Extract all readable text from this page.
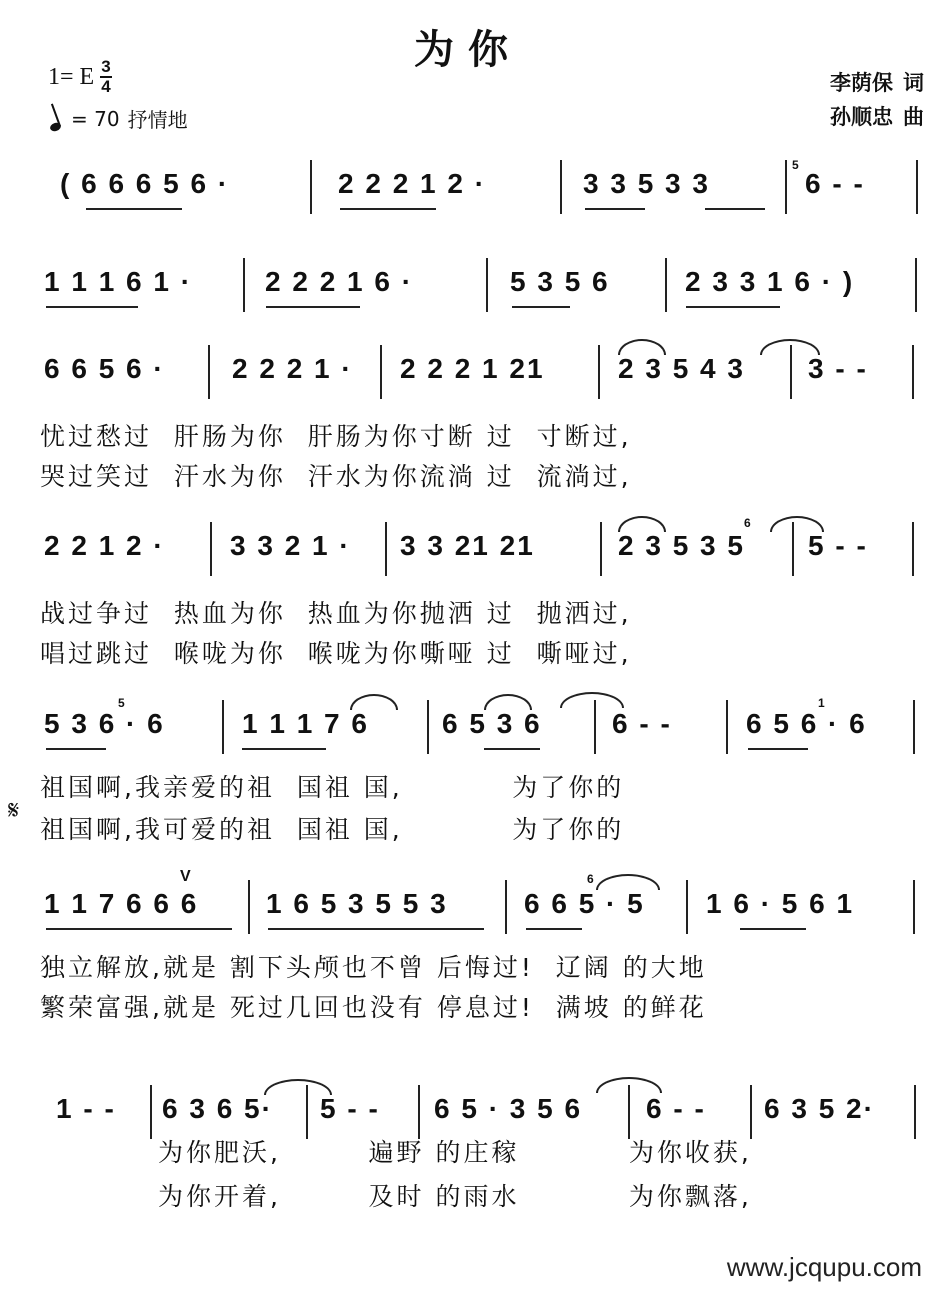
为你
1= E $\frac{3}{4}$
= 70 抒情地
李荫保 词
孙顺忠 曲
( 6 6 6 5 6 ·	2 2 2 1 2 ·	3 3 5 3 3
5
6 - -
1 1 1 6 1 ·	2 2 2 1 6 ·	5 3 5 6	2 3 3 1 6 · )
6 6 5 6 · 2 2 2 1 · 2 2 2 1 21	2 3 5 4 3 3 - -
忧过愁过  肝肠为你  肝肠为你寸断 过  寸断过,
哭过笑过  汗水为你  汗水为你流淌 过  流淌过,
2 2 1 2 · 3 3 2 1 · 3 3 21 21
6
2 3 5 3 5 5 - -
战过争过  热血为你  热血为你抛洒 过  抛洒过,
唱过跳过  喉咙为你  喉咙为你嘶哑 过  嘶哑过,
5
5 3 6 · 6	1 1 1 7 6	6 5 3 6	6 - -
1
6 5 6 · 6
祖国啊,我亲爱的祖  国祖 国,          为了你的
祖国啊,我可爱的祖  国祖 国,          为了你的
𝄋
V
1 1 7 6 6 6 1 6 5 3 5 5 3
6
6 6 5 · 5 1 6 · 5 6 1
独立解放,就是 割下头颅也不曾 后悔过!  辽阔 的大地
繁荣富强,就是 死过几回也没有 停息过!  满坡 的鲜花
1 - - 6 3 6 5· 5 - - 6 5 · 3 5 6 6 - - 6 3 5 2·
为你肥沃,        遍野 的庄稼          为你收获,
为你开着,        及时 的雨水          为你飘落,
www.jcqupu.com
